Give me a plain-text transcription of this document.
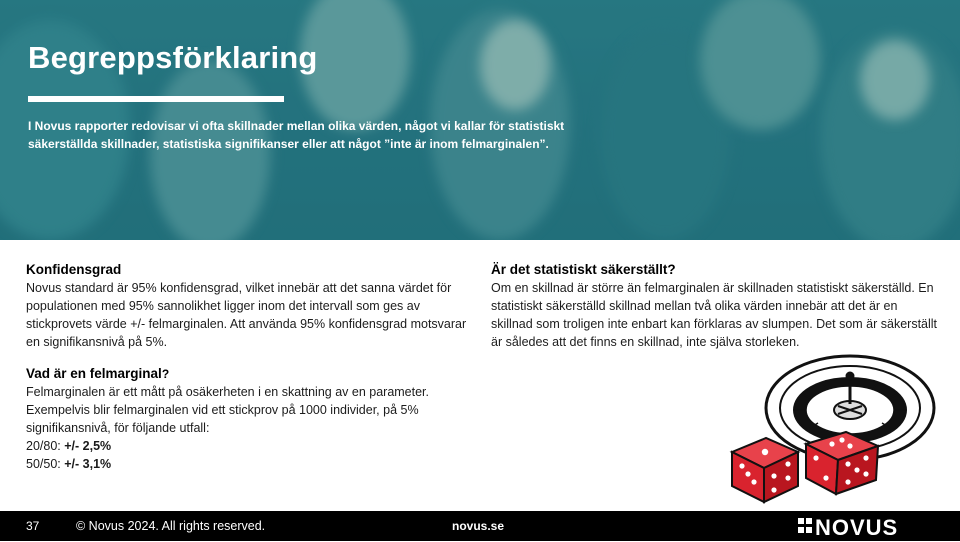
Begreppsförklaring

I Novus rapporter redovisar vi ofta skillnader mellan olika värden, något vi kallar för statistiskt säkerställda skillnader, statistiska signifikanser eller att något ”inte är inom felmarginalen”.

Konfidensgrad

Novus standard är 95% konfidensgrad, vilket innebär att det sanna värdet för populationen med 95% sannolikhet ligger inom det intervall som ges av stickprovets värde +/- felmarginalen. Att använda 95% konfidensgrad motsvarar en signifikansnivå på 5%.

Vad är en felmarginal?

Felmarginalen är ett mått på osäkerheten i en skattning av en parameter. Exempelvis blir felmarginalen vid ett stickprov på 1000 individer, på 5% signifikansnivå, för följande utfall:

20/80: +/- 2,5%
50/50: +/- 3,1%
Är det statistiskt säkerställt?

Om en skillnad är större än felmarginalen är skillnaden statistiskt säkerställd. En statistiskt säkerställd skillnad mellan två olika värden innebär att det är en skillnad som troligen inte enbart kan förklaras av slumpen. Det som är säkerställt är således att det finns en skillnad, inte själva storleken.

37	© Novus 2024. All rights reserved.	novus.se	NOVUS
